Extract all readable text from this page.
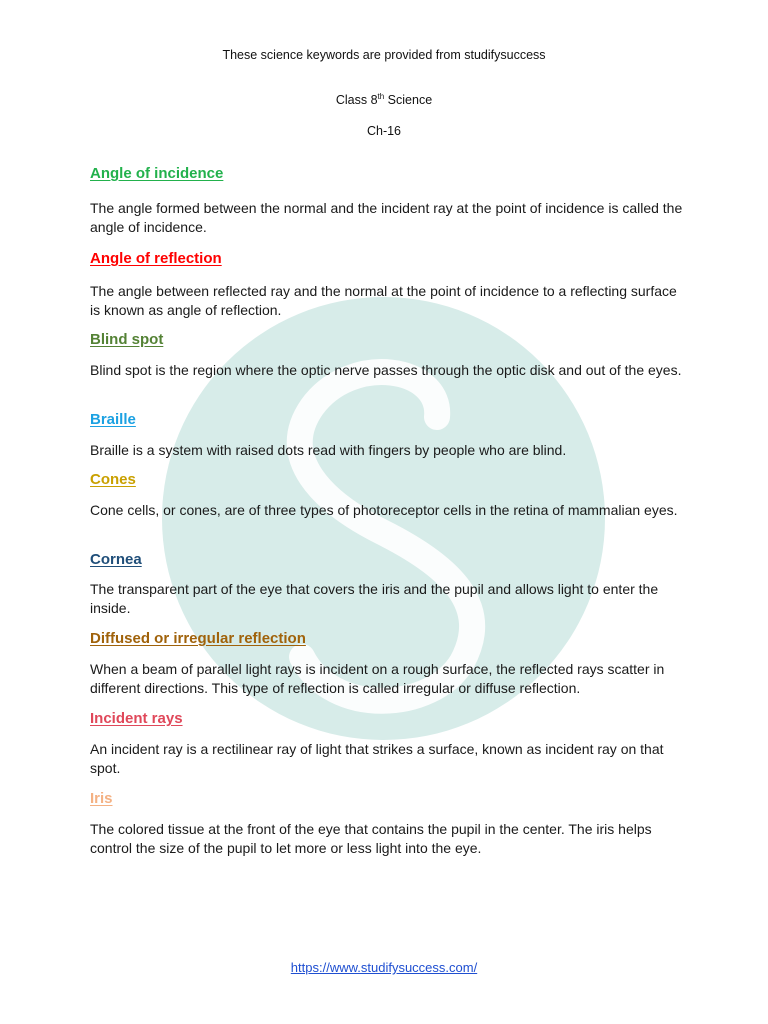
These science keywords are provided from studifysuccess
Class 8th Science
Ch-16
Angle of incidence
The angle formed between the normal and the incident ray at the point of incidence is called the angle of incidence.
Angle of reflection
The angle between reflected ray and the normal at the point of incidence to a reflecting surface is known as angle of reflection.
Blind spot
Blind spot is the region where the optic nerve passes through the optic disk and out of the eyes.
Braille
Braille is a system with raised dots read with fingers by people who are blind.
Cones
Cone cells, or cones, are of three types of photoreceptor cells in the retina of mammalian eyes.
Cornea
The transparent part of the eye that covers the iris and the pupil and allows light to enter the inside.
Diffused or irregular reflection
When a beam of parallel light rays is incident on a rough surface, the reflected rays scatter in different directions. This type of reflection is called irregular or diffuse reflection.
Incident rays
An incident ray is a rectilinear ray of light that strikes a surface, known as incident ray on that spot.
Iris
The colored tissue at the front of the eye that contains the pupil in the center. The iris helps control the size of the pupil to let more or less light into the eye.
https://www.studifysuccess.com/
